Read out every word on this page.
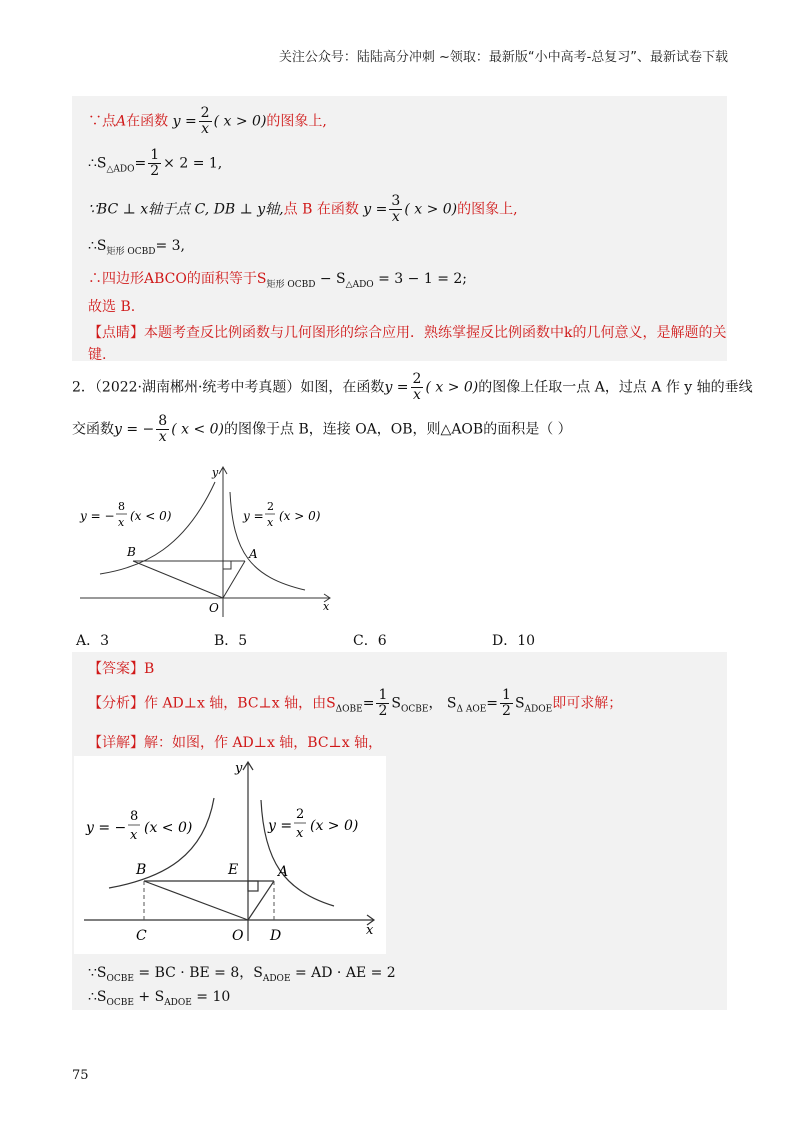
关注公众号：陆陆高分冲刺 ~领取：最新版“小中高考-总复习”、最新试卷下载
∵点A在函数 $y = \frac{2}{x}$ ( x > 0)的图象上,
$\therefore S_{\triangle ADO}= \frac{1}{2} \times 2 = 1$,
∵BC ⊥ x轴于点 C, DB ⊥ y轴,点 B 在函数 $y = \frac{3}{x}$ ( x > 0)的图象上,
$\therefore S_{矩形 OCBD}= 3$,
∴四边形ABCO的面积等于$S_{矩形 OCBD} - S_{\triangle ADO} = 3 - 1 = 2$;
故选 B.
【点睛】本题考查反比例函数与几何图形的综合应用．熟练掌握反比例函数中k的几何意义，是解题的关
键.
2．（2022·湖南郴州·统考中考真题）如图，在函数$y = \frac{2}{x}$ ( x > 0)的图像上任取一点 A，过点 A 作 y 轴的垂线
交函数y = − $\frac{8}{x}$ ( x < 0)的图像于点 B，连接 OA，OB，则△AOB的面积是（ ）
y = −
8
x (x < 0)	y =
2
x (x > 0)
B	A
O	x
y
A．3	B．5	C．6	D．10
【答案】B
【分析】作 AD⊥x 轴，BC⊥x 轴，由$S_{\Delta OBE}= \frac{1}{2} S_{OCBE}$， $S_{\Delta AOE}= \frac{1}{2} S_{ADOE}$即可求解；
【详解】解：如图，作 AD⊥x 轴，BC⊥x 轴，
y = −
8
x (x < 0)	y =
2
x (x > 0)
B	E	A
C	O D	x
y
$\because S_{OCBE}$ = BC · BE = 8，$S_{ADOE}$ = AD · AE = 2
$\therefore S_{OCBE} + S_{ADOE} = 10$
75
